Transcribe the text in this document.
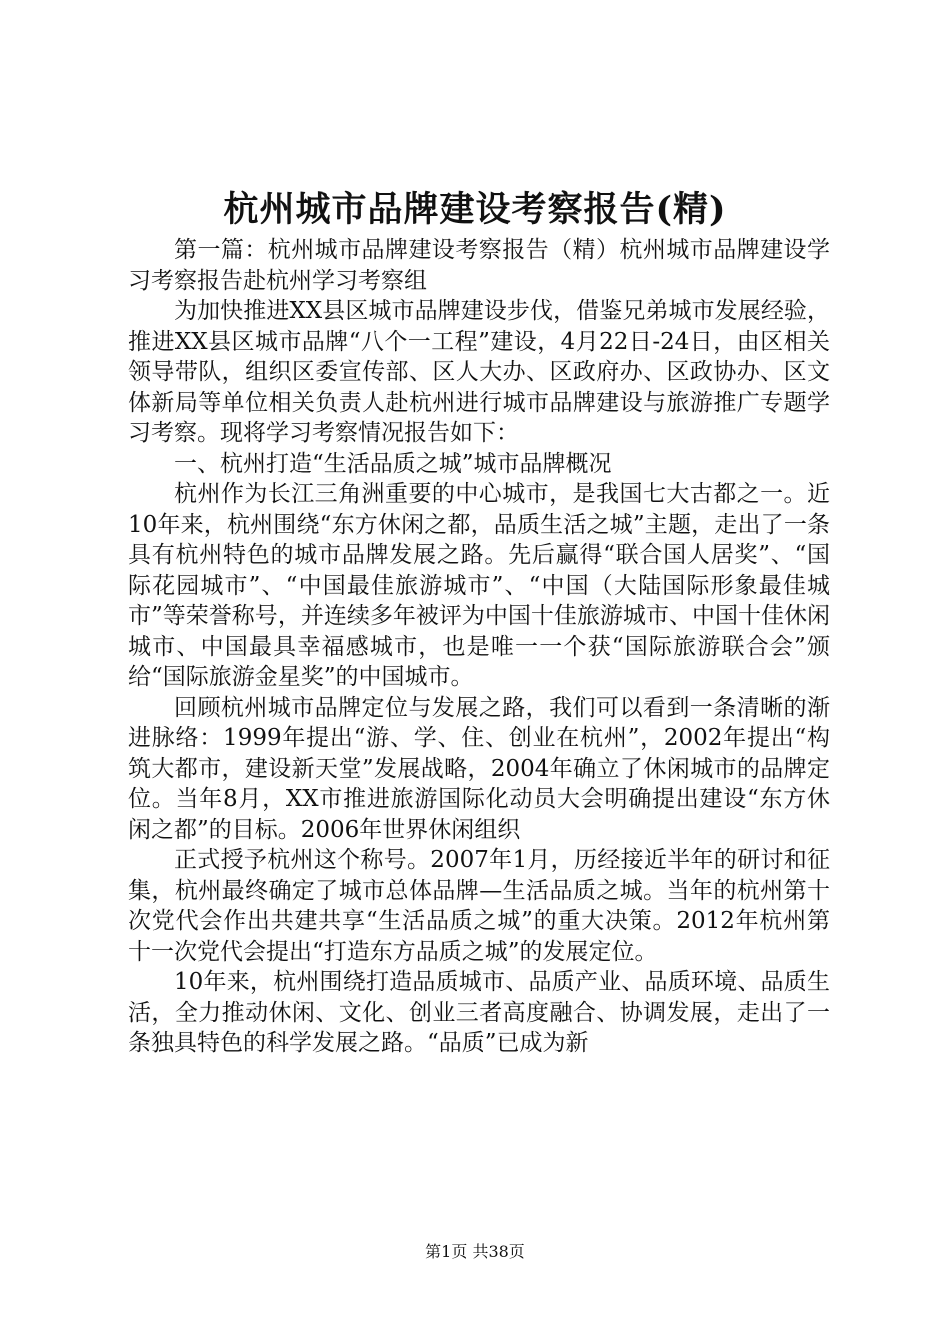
杭州城市品牌建设考察报告(精)

第一篇：杭州城市品牌建设考察报告（精）杭州城市品牌建设学习考察报告赴杭州学习考察组

为加快推进XX县区城市品牌建设步伐，借鉴兄弟城市发展经验，推进XX县区城市品牌“八个一工程”建设，4月22日-24日，由区相关领导带队，组织区委宣传部、区人大办、区政府办、区政协办、区文体新局等单位相关负责人赴杭州进行城市品牌建设与旅游推广专题学习考察。现将学习考察情况报告如下：

一、杭州打造“生活品质之城”城市品牌概况

杭州作为长江三角洲重要的中心城市，是我国七大古都之一。近10年来，杭州围绕“东方休闲之都，品质生活之城”主题，走出了一条具有杭州特色的城市品牌发展之路。先后赢得“联合国人居奖”、“国际花园城市”、“中国最佳旅游城市”、“中国（大陆国际形象最佳城市”等荣誉称号，并连续多年被评为中国十佳旅游城市、中国十佳休闲城市、中国最具幸福感城市，也是唯一一个获“国际旅游联合会”颁给“国际旅游金星奖”的中国城市。

回顾杭州城市品牌定位与发展之路，我们可以看到一条清晰的渐进脉络：1999年提出“游、学、住、创业在杭州”，2002年提出“构筑大都市，建设新天堂”发展战略，2004年确立了休闲城市的品牌定位。当年8月，XX市推进旅游国际化动员大会明确提出建设“东方休闲之都”的目标。2006年世界休闲组织

正式授予杭州这个称号。2007年1月，历经接近半年的研讨和征集，杭州最终确定了城市总体品牌—生活品质之城。当年的杭州第十次党代会作出共建共享“生活品质之城”的重大决策。2012年杭州第十一次党代会提出“打造东方品质之城”的发展定位。

10年来，杭州围绕打造品质城市、品质产业、品质环境、品质生活，全力推动休闲、文化、创业三者高度融合、协调发展，走出了一条独具特色的科学发展之路。“品质”已成为新

第1页 共38页
